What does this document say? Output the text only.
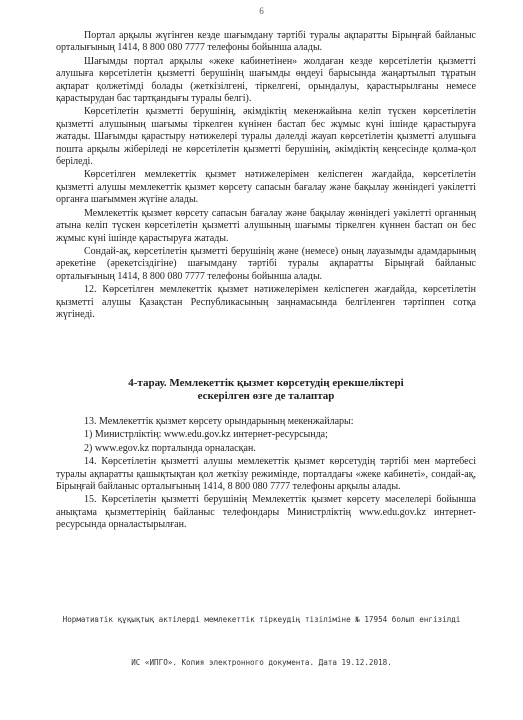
6

Портал арқылы жүгінген кезде шағымдану тәртібі туралы ақпаратты Бірыңғай байланыс орталығының 1414, 8 800 080 7777 телефоны бойынша алады.

Шағымды портал арқылы «жеке кабинетінен» жолдаған кезде көрсетілетін қызметті алушыға көрсетілетін қызметті берушінің шағымды өңдеуі барысында жаңартылып тұратын ақпарат қолжетімді болады (жеткізілгені, тіркелгені, орындалуы, қарастырылғаны немесе қарастырудан бас тартқандығы туралы белгі).

Көрсетілетін қызметті берушінің, әкімдіктің мекенжайына келіп түскен көрсетілетін қызметті алушының шағымы тіркелген күнінен бастап бес жұмыс күні ішінде қарастыруға жатады. Шағымды қарастыру нәтижелері туралы дәлелді жауап көрсетілетін қызметті алушыға пошта арқылы жіберіледі не көрсетілетін қызметті берушінің, әкімдіктің кеңсесінде қолма-қол беріледі.

Көрсетілген мемлекеттік қызмет нәтижелерімен келіспеген жағдайда, көрсетілетін қызметті алушы мемлекеттік қызмет көрсету сапасын бағалау және бақылау жөніндегі уәкілетті органға шағыммен жүгіне алады.

Мемлекеттік қызмет көрсету сапасын бағалау және бақылау жөніндегі уәкілетті органның атына келіп түскен көрсетілетін қызметті алушының шағымы тіркелген күннен бастап он бес жұмыс күні ішінде қарастыруға жатады.

Сондай-ақ, көрсетілетін қызметті берушінің және (немесе) оның лауазымды адамдарының әрекетіне (әрекетсіздігіне) шағымдану тәртібі туралы ақпаратты Бірыңғай байланыс орталығының 1414, 8 800 080 7777 телефоны бойынша алады.

12. Көрсетілген мемлекеттік қызмет нәтижелерімен келіспеген жағдайда, көрсетілетін қызметті алушы Қазақстан Республикасының заңнамасында белгіленген тәртіппен сотқа жүгінеді.

4-тарау. Мемлекеттік қызмет көрсетудің ерекшеліктері
ескерілген өзге де талаптар

13. Мемлекеттік қызмет көрсету орындарының мекенжайлары:

1) Министрліктің: www.edu.gov.kz интернет-ресурсында;

2) www.egov.kz порталында орналасқан.

14. Көрсетілетін қызметті алушы мемлекеттік қызмет көрсетудің тәртібі мен мәртебесі туралы ақпаратты қашықтықтан қол жеткізу режимінде, порталдағы «жеке кабинеті», сондай-ақ, Бірыңғай байланыс орталығының 1414, 8 800 080 7777 телефоны арқылы алады.

15. Көрсетілетін қызметті берушінің Мемлекеттік қызмет көрсету мәселелері бойынша анықтама қызметтерінің байланыс телефондары Министрліктің www.edu.gov.kz интернет-ресурсында орналастырылған.

Нормативтік құқықтық актілерді мемлекеттік тіркеудің тізіліміне № 17954 болып енгізілді
ИС «ИПГО». Копия электронного документа. Дата 19.12.2018.
